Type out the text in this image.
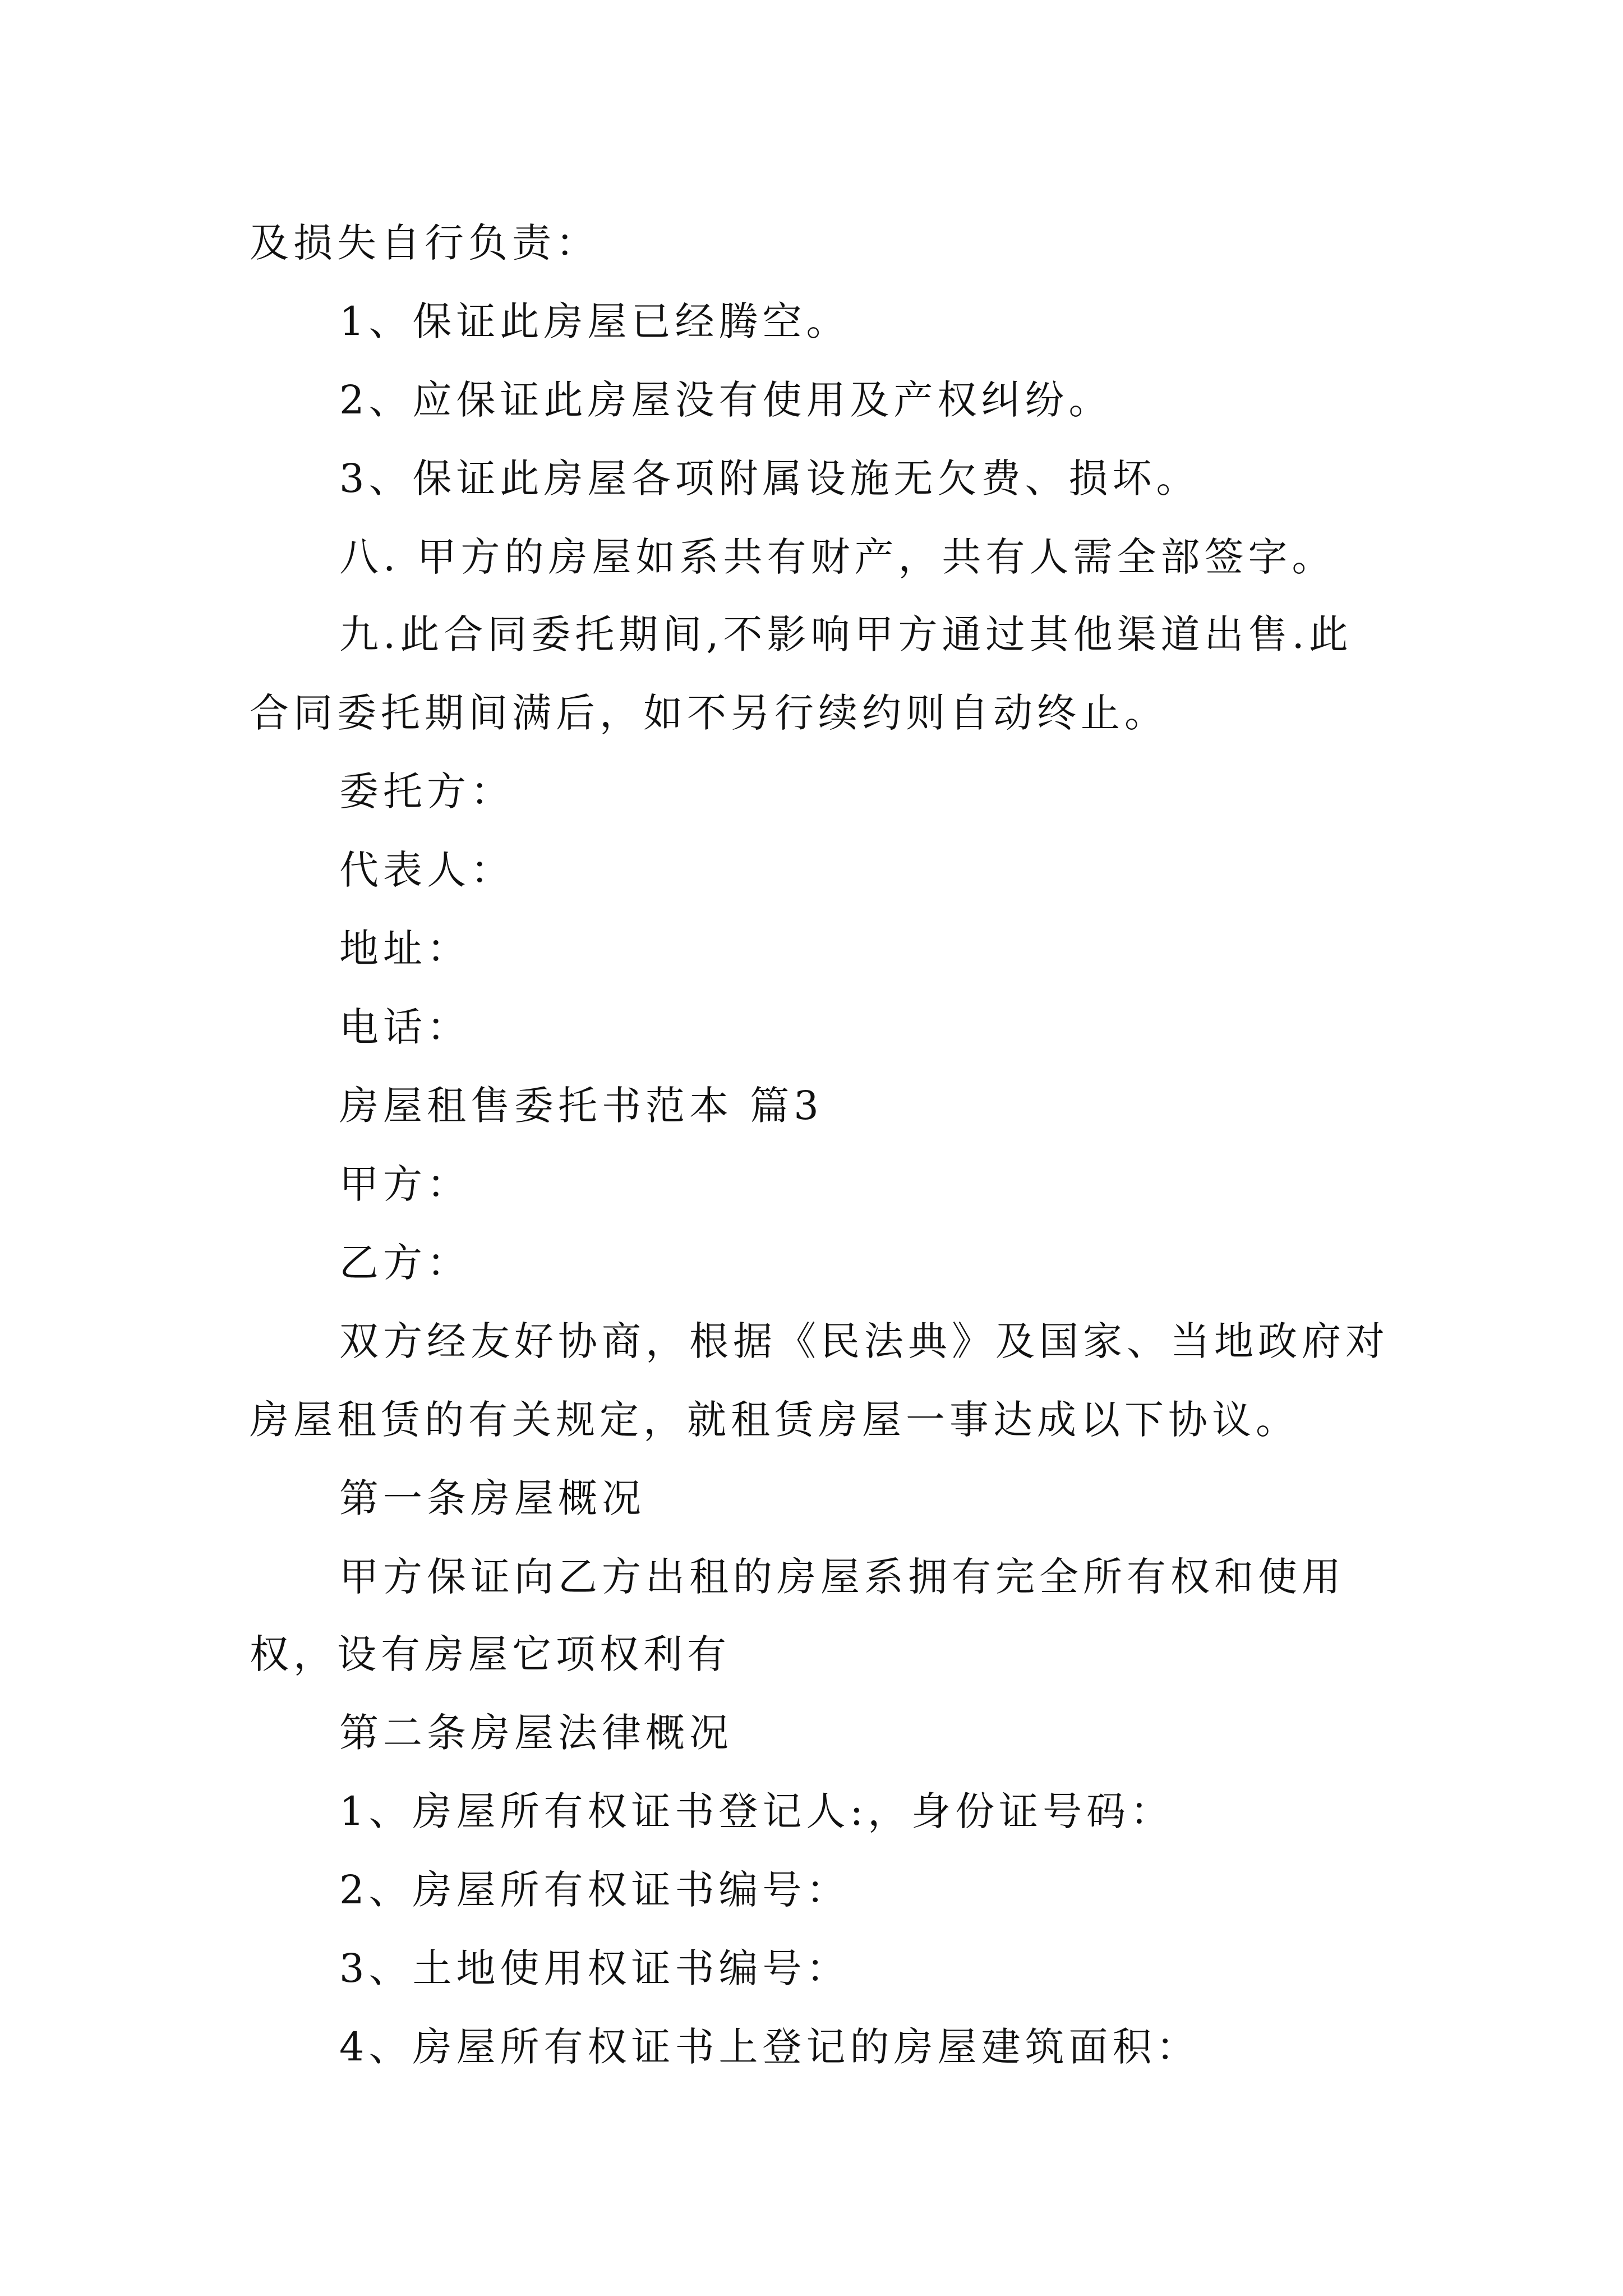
及损失自行负责：
1、保证此房屋已经腾空。
2、应保证此房屋没有使用及产权纠纷。
3、保证此房屋各项附属设施无欠费、损坏。
八. 甲方的房屋如系共有财产，共有人需全部签字。
九.此合同委托期间,不影响甲方通过其他渠道出售.此
合同委托期间满后，如不另行续约则自动终止。
委托方：
代表人：
地址：
电话：
房屋租售委托书范本 篇3
甲方：
乙方：
双方经友好协商，根据《民法典》及国家、当地政府对
房屋租赁的有关规定，就租赁房屋一事达成以下协议。
第一条房屋概况
甲方保证向乙方出租的房屋系拥有完全所有权和使用
权，设有房屋它项权利有
第二条房屋法律概况
1、房屋所有权证书登记人:，身份证号码：
2、房屋所有权证书编号：
3、土地使用权证书编号：
4、房屋所有权证书上登记的房屋建筑面积：
